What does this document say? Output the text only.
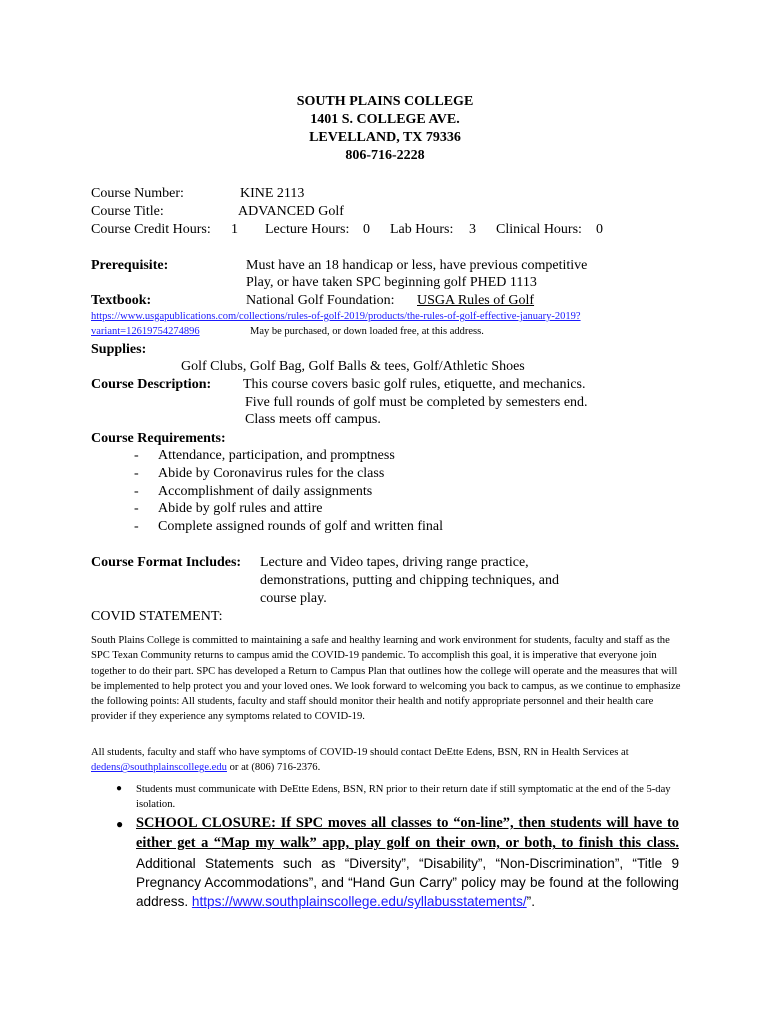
SOUTH PLAINS COLLEGE
1401 S. COLLEGE AVE.
LEVELLAND, TX 79336
806-716-2228
Course Number:	KINE 2113
Course Title:	ADVANCED Golf
Course Credit Hours: 1 Lecture Hours: 0 Lab Hours: 3 Clinical Hours: 0
Prerequisite:	Must have an 18 handicap or less, have previous competitive
Play, or have taken SPC beginning golf PHED 1113
Textbook:	National Golf Foundation: USGA Rules of Golf
https://www.usgapublications.com/collections/rules-of-golf-2019/products/the-rules-of-golf-effective-january-2019?
variant=12619754274896	May be purchased, or down loaded free, at this address.
Supplies:
Golf Clubs, Golf Bag, Golf Balls & tees, Golf/Athletic Shoes
Course Description: This course covers basic golf rules, etiquette, and mechanics.
Five full rounds of golf must be completed by semesters end.
Class meets off campus.
Course Requirements:
- Attendance, participation, and promptness
- Abide by Coronavirus rules for the class
- Accomplishment of daily assignments
- Abide by golf rules and attire
- Complete assigned rounds of golf and written final
Course Format Includes: Lecture and Video tapes, driving range practice,
demonstrations, putting and chipping techniques, and
course play.
COVID STATEMENT:
South Plains College is committed to maintaining a safe and healthy learning and work environment for students, faculty and staff as the SPC Texan Community returns to campus amid the COVID-19 pandemic. To accomplish this goal, it is imperative that everyone join together to do their part. SPC has developed a Return to Campus Plan that outlines how the college will operate and the measures that will be implemented to help protect you and your loved ones. We look forward to welcoming you back to campus, as we continue to emphasize the following points: All students, faculty and staff should monitor their health and notify appropriate personnel and their health care provider if they experience any symptoms related to COVID-19.
All students, faculty and staff who have symptoms of COVID-19 should contact DeEtte Edens, BSN, RN in Health Services at dedens@southplainscollege.edu or at (806) 716-2376.
● Students must communicate with DeEtte Edens, BSN, RN prior to their return date if still symptomatic at the end of the 5-day isolation.
● SCHOOL CLOSURE: If SPC moves all classes to “on-line”, then students will have to either get a “Map my walk” app, play golf on their own, or both, to finish this class. Additional Statements such as “Diversity”, “Disability”, “Non-Discrimination”, “Title 9 Pregnancy Accommodations”, and “Hand Gun Carry” policy may be found at the following address. https://www.southplainscollege.edu/syllabusstatements/”.
